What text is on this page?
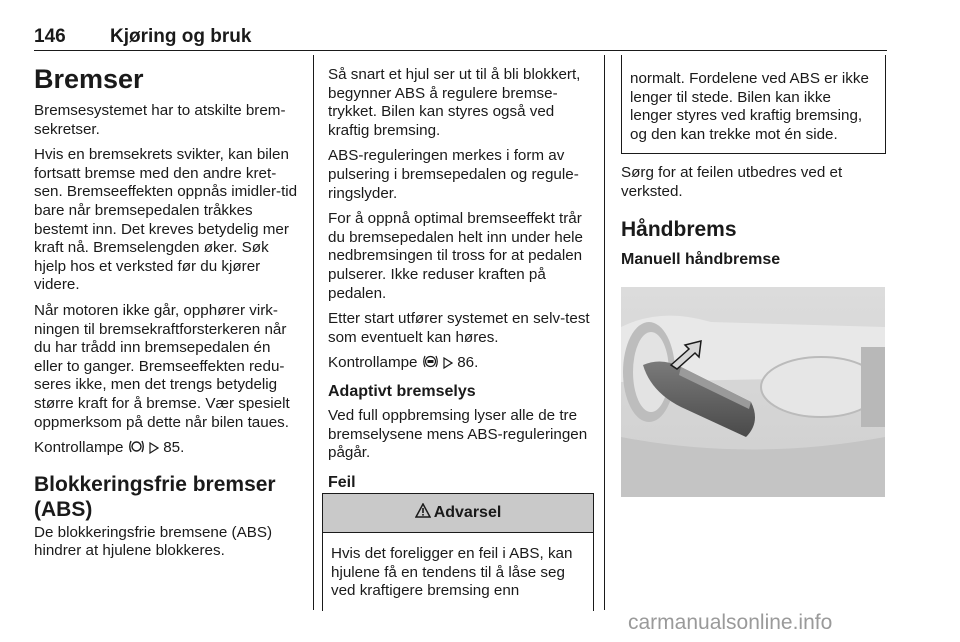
146 Kjøring og bruk
Bremser

Bremsesystemet har to atskilte brem-sekretser.

Hvis en bremsekrets svikter, kan bilen fortsatt bremse med den andre kret-sen. Bremseeffekten oppnås imidler-tid bare når bremsepedalen tråkkes bestemt inn. Det kreves betydelig mer kraft nå. Bremselengden øker. Søk hjelp hos et verksted før du kjører videre.

Når motoren ikke går, opphører virk-ningen til bremsekraftforsterkeren når du har trådd inn bremsepedalen én eller to ganger. Bremseeffekten redu-seres ikke, men det trengs betydelig større kraft for å bremse. Vær spesielt oppmerksom på dette når bilen taues.

Kontrollampe	85.

Blokkeringsfrie bremser (ABS)

De blokkeringsfrie bremsene (ABS) hindrer at hjulene blokkeres.

Så snart et hjul ser ut til å bli blokkert, begynner ABS å regulere bremse-trykket. Bilen kan styres også ved kraftig bremsing.

ABS-reguleringen merkes i form av pulsering i bremsepedalen og regule-ringslyder.

For å oppnå optimal bremseeffekt trår du bremsepedalen helt inn under hele nedbremsingen til tross for at pedalen pulserer. Ikke reduser kraften på pedalen.

Etter start utfører systemet en selv-test som eventuelt kan høres.

Kontrollampe	86.

Adaptivt bremselys

Ved full oppbremsing lyser alle de tre bremselysene mens ABS-reguleringen pågår.

Feil
Advarsel
Hvis det foreligger en feil i ABS, kan hjulene få en tendens til å låse seg ved kraftigere bremsing enn
normalt. Fordelene ved ABS er ikke lenger til stede. Bilen kan ikke lenger styres ved kraftig bremsing, og den kan trekke mot én side.

Sørg for at feilen utbedres ved et verksted.

Håndbrems
Manuell håndbremse
carmanualsonline.info
